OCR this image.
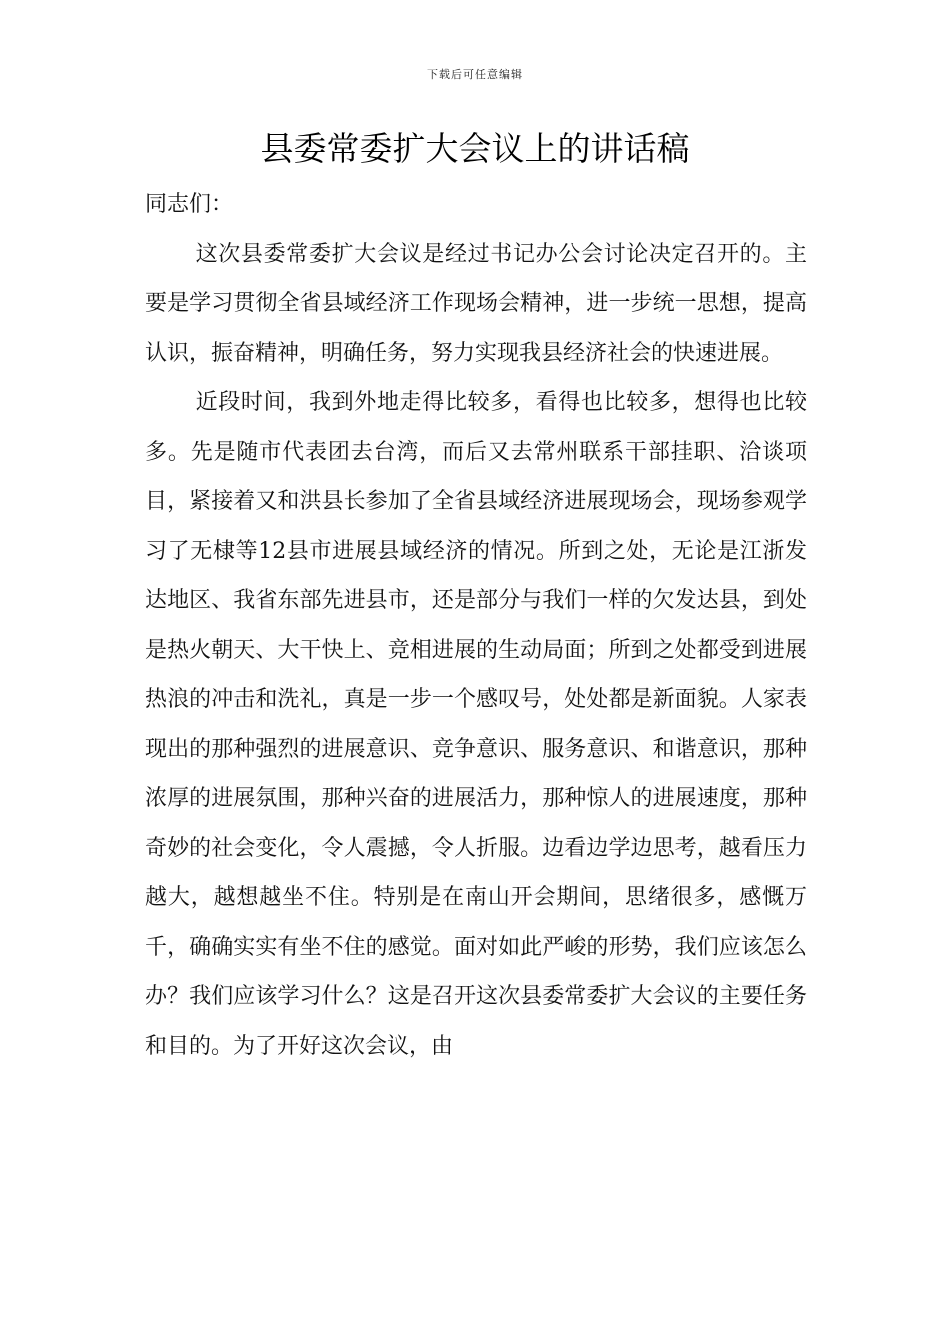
下载后可任意编辑
县委常委扩大会议上的讲话稿

同志们：

这次县委常委扩大会议是经过书记办公会讨论决定召开的。主要是学习贯彻全省县域经济工作现场会精神，进一步统一思想，提高认识，振奋精神，明确任务，努力实现我县经济社会的快速进展。

近段时间，我到外地走得比较多，看得也比较多，想得也比较多。先是随市代表团去台湾，而后又去常州联系干部挂职、洽谈项目，紧接着又和洪县长参加了全省县域经济进展现场会，现场参观学习了无棣等12县市进展县域经济的情况。所到之处，无论是江浙发达地区、我省东部先进县市，还是部分与我们一样的欠发达县，到处是热火朝天、大干快上、竞相进展的生动局面；所到之处都受到进展热浪的冲击和洗礼，真是一步一个感叹号，处处都是新面貌。人家表现出的那种强烈的进展意识、竞争意识、服务意识、和谐意识，那种浓厚的进展氛围，那种兴奋的进展活力，那种惊人的进展速度，那种奇妙的社会变化，令人震撼，令人折服。边看边学边思考，越看压力越大，越想越坐不住。特别是在南山开会期间，思绪很多，感慨万千，确确实实有坐不住的感觉。面对如此严峻的形势，我们应该怎么办？我们应该学习什么？这是召开这次县委常委扩大会议的主要任务和目的。为了开好这次会议，由
